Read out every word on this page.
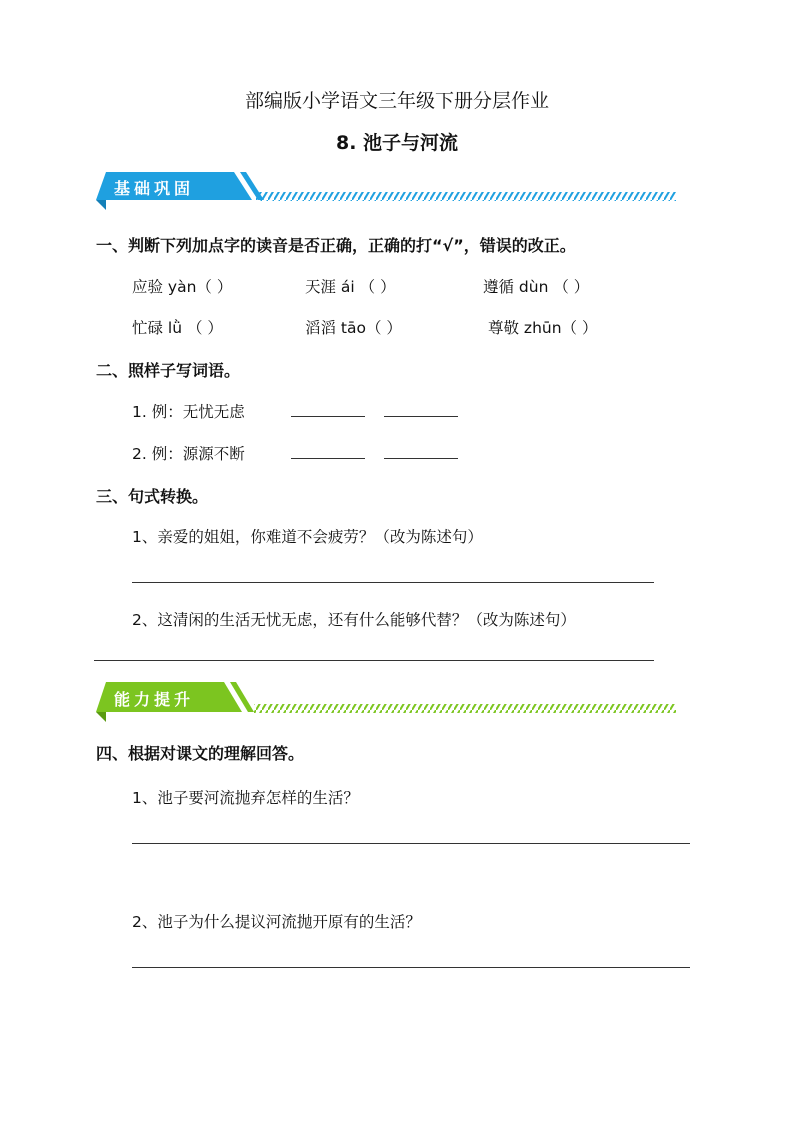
部编版小学语文三年级下册分层作业
8. 池子与河流
基础巩固
一、判断下列加点字的读音是否正确，正确的打“√”，错误的改正。
应验 yàn（ ）	天涯 ái （ ）	遵循 dùn （ ）
忙碌 lǜ （ ）	滔滔 tāo（ ）	尊敬 zhūn（ ）
二、照样子写词语。
1. 例：无忧无虑
2. 例：源源不断
三、句式转换。
1、亲爱的姐姐，你难道不会疲劳？（改为陈述句）
2、这清闲的生活无忧无虑，还有什么能够代替？（改为陈述句）
能力提升
四、根据对课文的理解回答。
1、池子要河流抛弃怎样的生活？
2、池子为什么提议河流抛开原有的生活？
